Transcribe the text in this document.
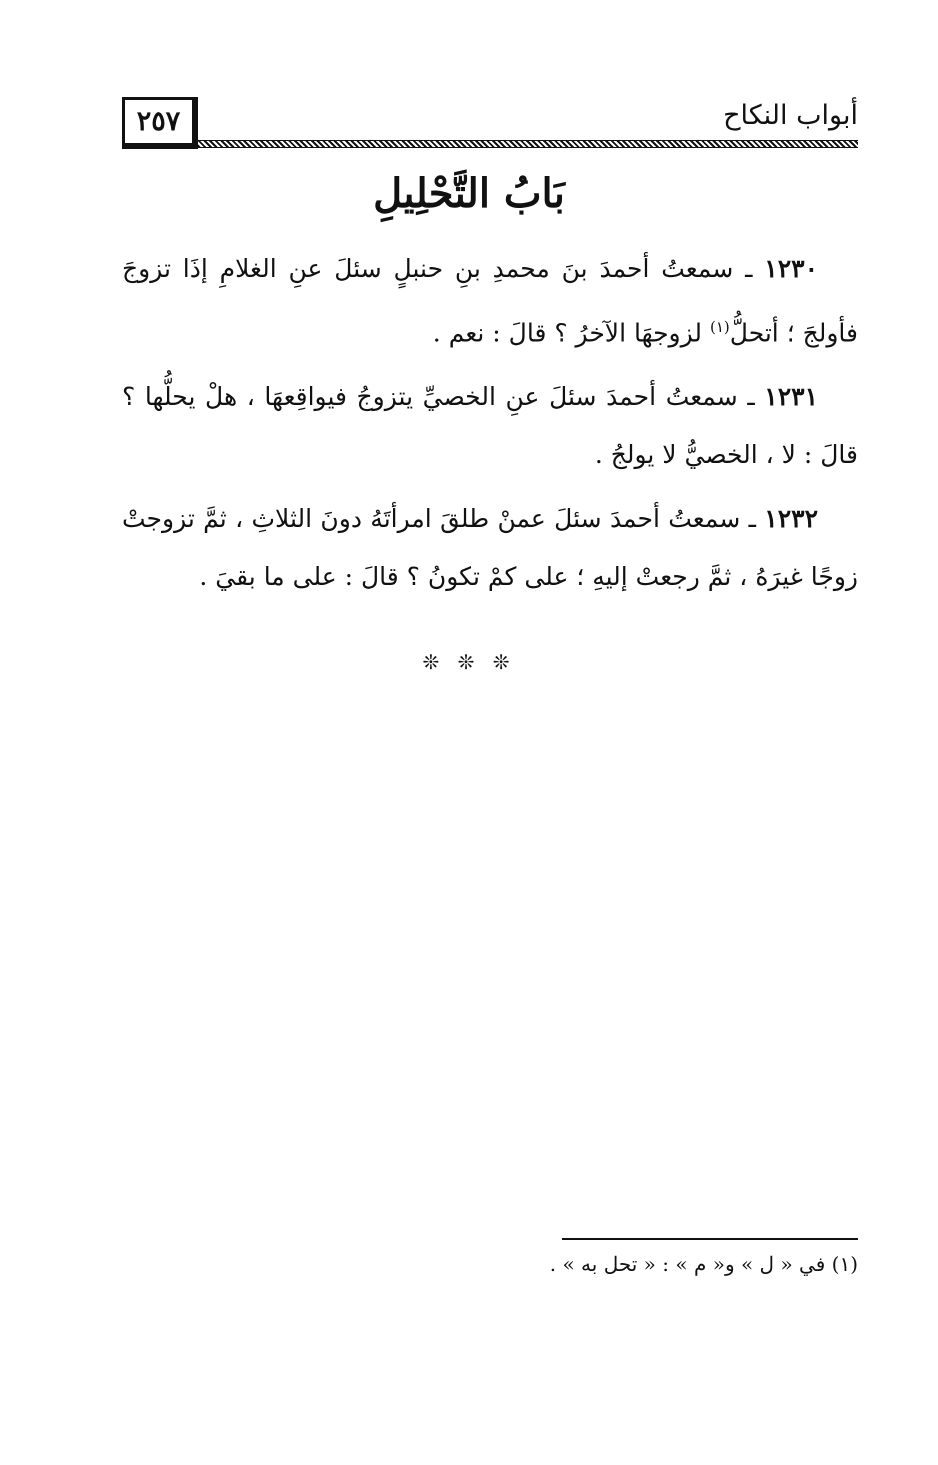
٢٥٧	أبواب النكاح
بَابُ التَّحْلِيلِ

١٢٣٠ ـ سمعتُ أحمدَ بنَ محمدِ بنِ حنبلٍ سئلَ عنِ الغلامِ إذَا تزوجَ فأولجَ ؛ أتحلُّ$^{(١)}$ لزوجهَا الآخرُ ؟ قالَ : نعم .

١٢٣١ ـ سمعتُ أحمدَ سئلَ عنِ الخصيِّ يتزوجُ فيواقِعهَا ، هلْ يحلُّها ؟ قالَ : لا ، الخصيُّ لا يولجُ .

١٢٣٢ ـ سمعتُ أحمدَ سئلَ عمنْ طلقَ امرأتَهُ دونَ الثلاثِ ، ثمَّ تزوجتْ زوجًا غيرَهُ ، ثمَّ رجعتْ إليهِ ؛ على كمْ تكونُ ؟ قالَ : على ما بقيَ .

❊ ❊ ❊
(١) في « ل » و« م » : « تحل به » .
